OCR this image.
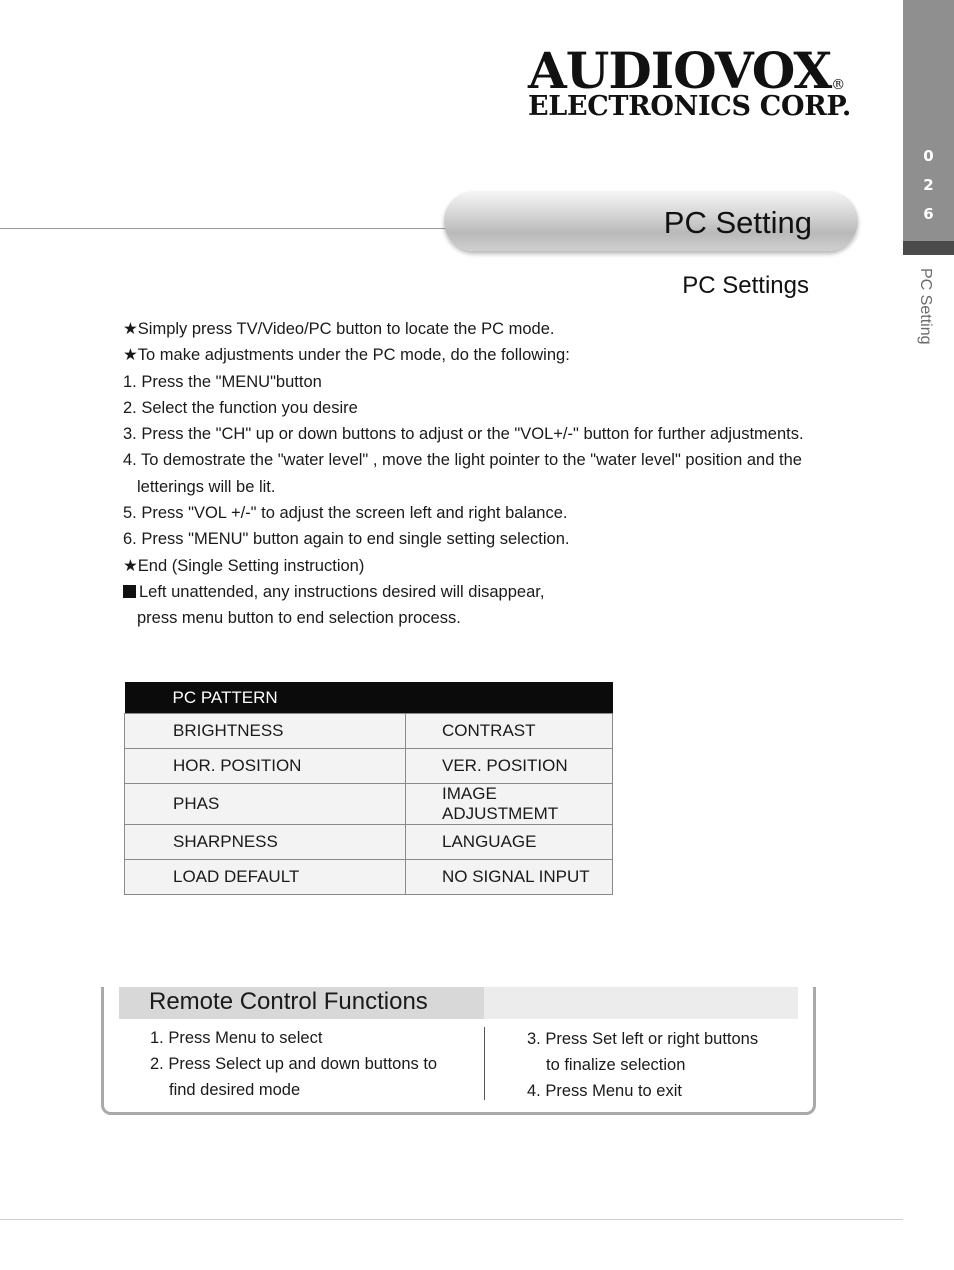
0
2
6
PC Setting
AUDIOVOX®
ELECTRONICS CORP.
PC Setting
PC Settings
★Simply press TV/Video/PC button to locate the PC mode.
★To make adjustments under the PC mode, do the following:
1. Press the "MENU"button
2. Select the function you desire
3. Press the "CH" up or down buttons to adjust or the "VOL+/-" button for further adjustments.
4. To demostrate the "water level" , move the light pointer to the "water level" position and the
letterings will be lit.
5. Press "VOL +/-" to adjust the screen left and right balance.
6. Press "MENU" button again to end single setting selection.
★End (Single Setting instruction)
Left unattended, any instructions desired will disappear,
press menu button to end selection process.
PC PATTERN	
BRIGHTNESS	CONTRAST
HOR. POSITION	VER. POSITION
PHAS	IMAGE ADJUSTMEMT
SHARPNESS	LANGUAGE
LOAD DEFAULT	NO SIGNAL INPUT
Remote Control Functions
1. Press Menu to select
2. Press Select up and down buttons to
find desired mode
3. Press Set left or right buttons
to finalize selection
4. Press Menu to exit
